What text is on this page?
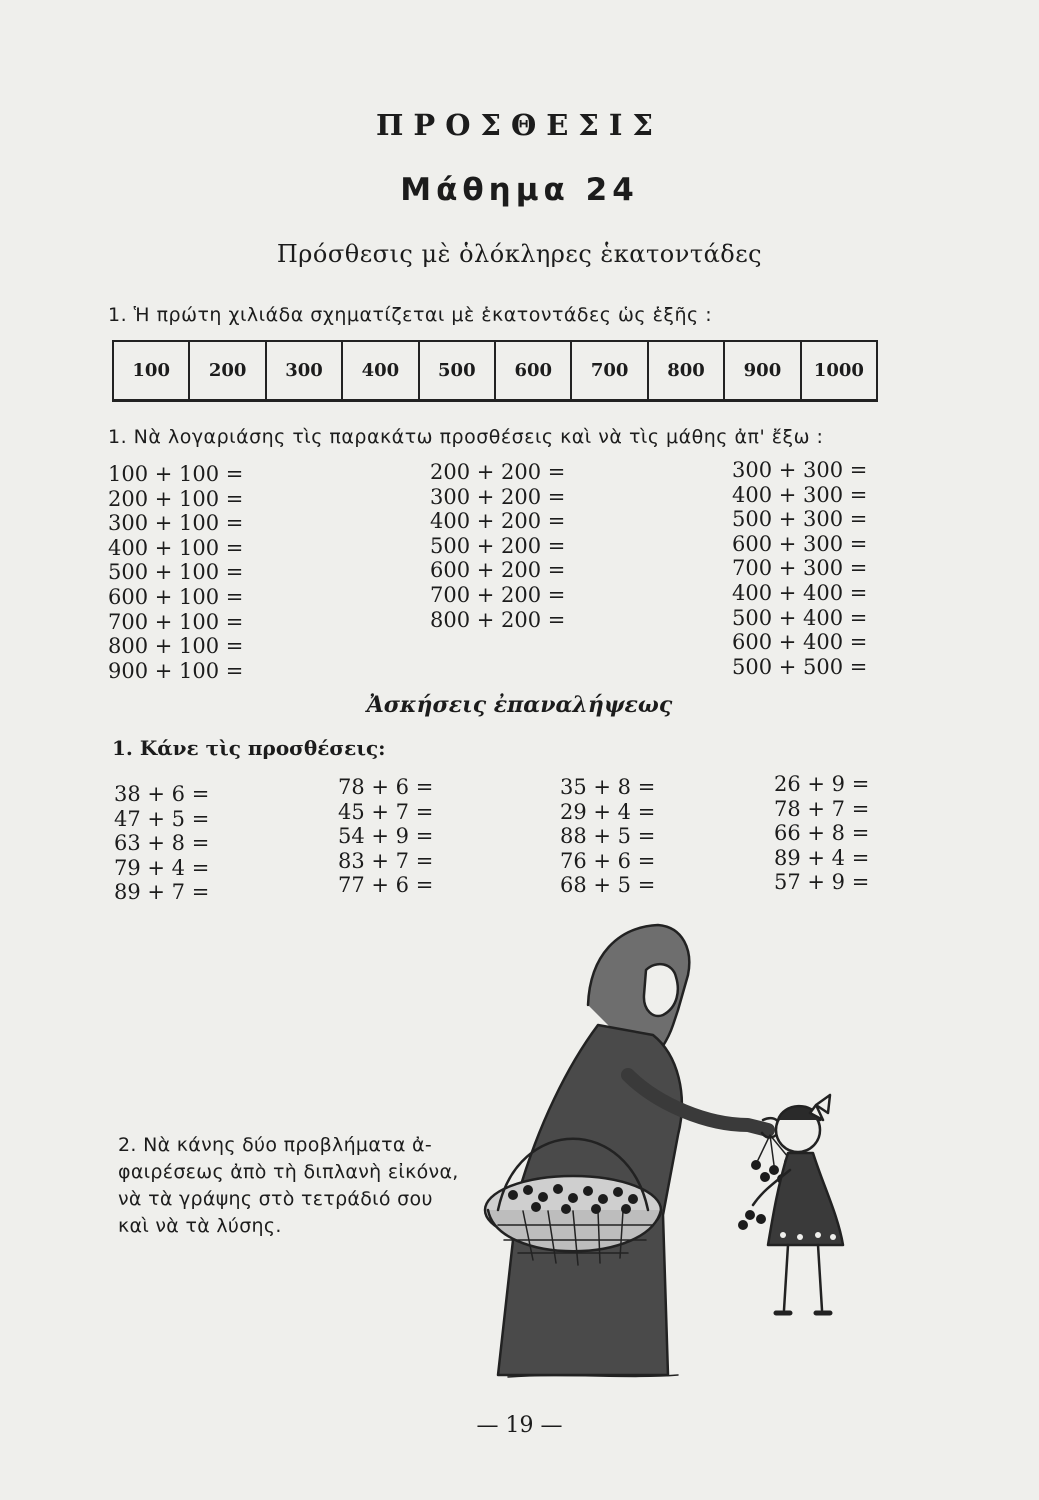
ΠΡΟΣΘΕΣΙΣ
Μάθημα 24
Πρόσθεσις μὲ ὁλόκληρες ἑκατοντάδες
1. Ἡ πρώτη χιλιάδα σχηματίζεται μὲ ἑκατοντάδες ὡς ἑξῆς :
100	200	300	400	500	600	700	800	900	1000
1. Νὰ λογαριάσης τὶς παρακάτω προσθέσεις καὶ νὰ τὶς μάθης ἀπ' ἔξω :
100 + 100 =
200 + 100 =
300 + 100 =
400 + 100 =
500 + 100 =
600 + 100 =
700 + 100 =
800 + 100 =
900 + 100 =
200 + 200 =
300 + 200 =
400 + 200 =
500 + 200 =
600 + 200 =
700 + 200 =
800 + 200 =
300 + 300 =
400 + 300 =
500 + 300 =
600 + 300 =
700 + 300 =
400 + 400 =
500 + 400 =
600 + 400 =
500 + 500 =
Ἀσκήσεις ἐπαναλήψεως
1. Κάνε τὶς προσθέσεις:
38 + 6 =
47 + 5 =
63 + 8 =
79 + 4 =
89 + 7 =
78 + 6 =
45 + 7 =
54 + 9 =
83 + 7 =
77 + 6 =
35 + 8 =
29 + 4 =
88 + 5 =
76 + 6 =
68 + 5 =
26 + 9 =
78 + 7 =
66 + 8 =
89 + 4 =
57 + 9 =
2. Νὰ κάνης δύο προβλήματα ἀ-
φαιρέσεως ἀπὸ τὴ διπλανὴ εἰκόνα,
νὰ τὰ γράψης στὸ τετράδιό σου
καὶ νὰ τὰ λύσης.
— 19 —
